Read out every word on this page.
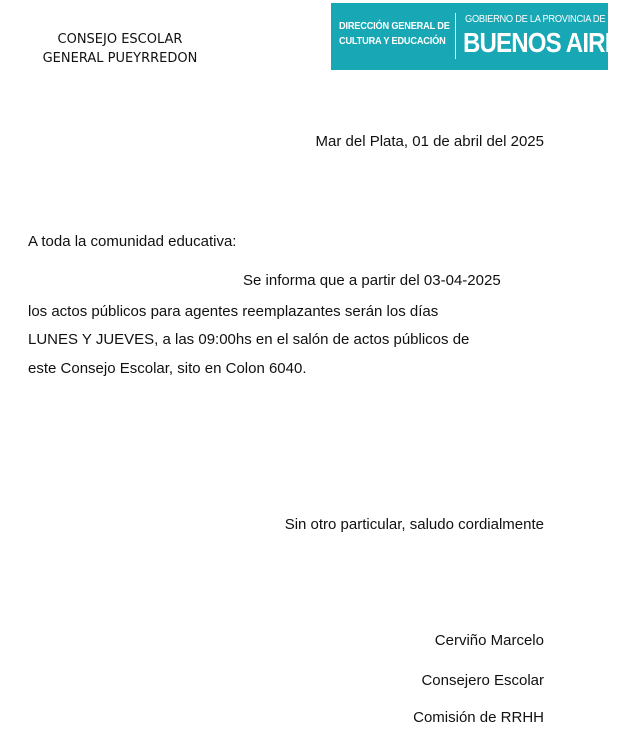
CONSEJO ESCOLAR
GENERAL PUEYRREDON
DIRECCIÓN GENERAL DE
CULTURA Y EDUCACIÓN
GOBIERNO DE LA PROVINCIA DE
BUENOS AIRES
Mar del Plata, 01 de abril del 2025
A toda la comunidad educativa:
Se informa que a partir del 03-04-2025
los actos públicos para agentes reemplazantes serán los días
LUNES Y JUEVES, a las 09:00hs en el salón de actos públicos de
este Consejo Escolar, sito en Colon 6040.
Sin otro particular, saludo cordialmente
Cerviño Marcelo
Consejero Escolar
Comisión de RRHH
